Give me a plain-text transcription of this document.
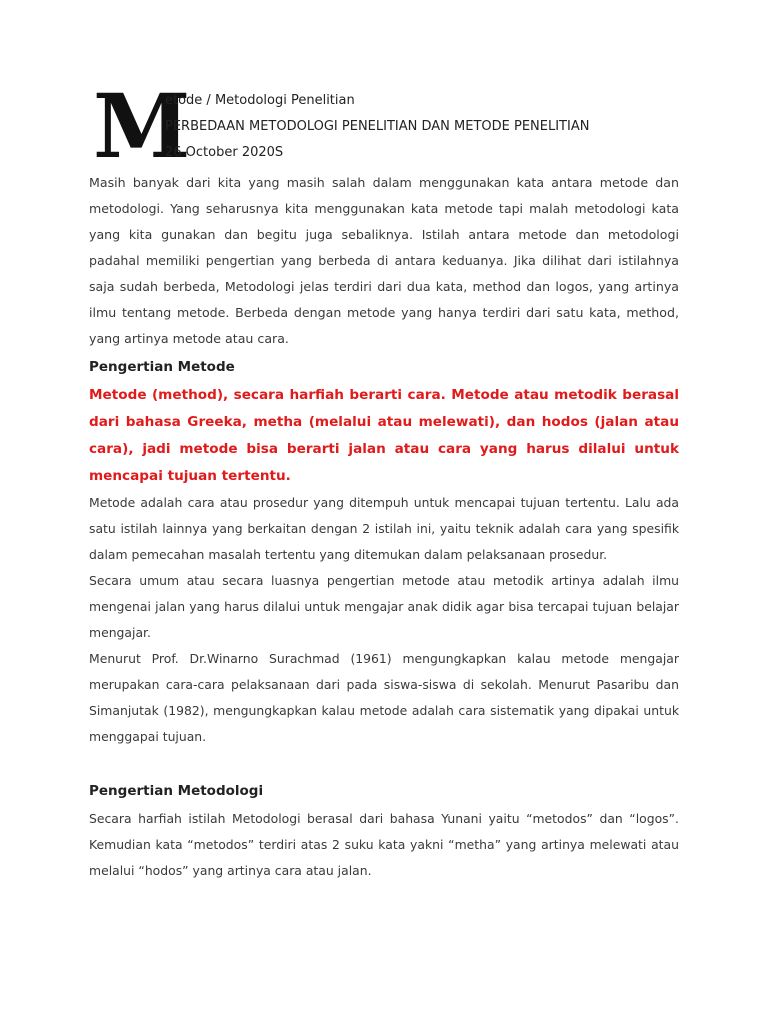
M
etode / Metodologi Penelitian
PERBEDAAN METODOLOGI PENELITIAN DAN METODE PENELITIAN
26 October 2020S

Masih banyak dari kita yang masih salah dalam menggunakan kata antara metode dan metodologi. Yang seharusnya kita menggunakan kata metode tapi malah metodologi kata yang kita gunakan dan begitu juga sebaliknya. Istilah antara metode dan metodologi padahal memiliki pengertian yang berbeda di antara keduanya. Jika dilihat dari istilahnya saja sudah berbeda, Metodologi jelas terdiri dari dua kata, method dan logos, yang artinya ilmu tentang metode. Berbeda dengan metode yang hanya terdiri dari satu kata, method, yang artinya metode atau cara.

Pengertian Metode

Metode (method), secara harfiah berarti cara. Metode atau metodik berasal dari bahasa Greeka, metha (melalui atau melewati), dan hodos (jalan atau cara), jadi metode bisa berarti jalan atau cara yang harus dilalui untuk mencapai tujuan tertentu.

Metode adalah cara atau prosedur yang ditempuh untuk mencapai tujuan tertentu. Lalu ada satu istilah lainnya yang berkaitan dengan 2 istilah ini, yaitu teknik adalah cara yang spesifik dalam pemecahan masalah tertentu yang ditemukan dalam pelaksanaan prosedur.

Secara umum atau secara luasnya pengertian metode atau metodik artinya adalah ilmu mengenai jalan yang harus dilalui untuk mengajar anak didik agar bisa tercapai tujuan belajar mengajar.

Menurut Prof. Dr.Winarno Surachmad (1961) mengungkapkan kalau metode mengajar merupakan cara-cara pelaksanaan dari pada siswa-siswa di sekolah. Menurut Pasaribu dan Simanjutak (1982), mengungkapkan kalau metode adalah cara sistematik yang dipakai untuk menggapai tujuan.

Pengertian Metodologi

Secara harfiah istilah Metodologi berasal dari bahasa Yunani yaitu “metodos” dan “logos”. Kemudian kata “metodos” terdiri atas 2 suku kata yakni “metha” yang artinya melewati atau melalui “hodos” yang artinya cara atau jalan.
